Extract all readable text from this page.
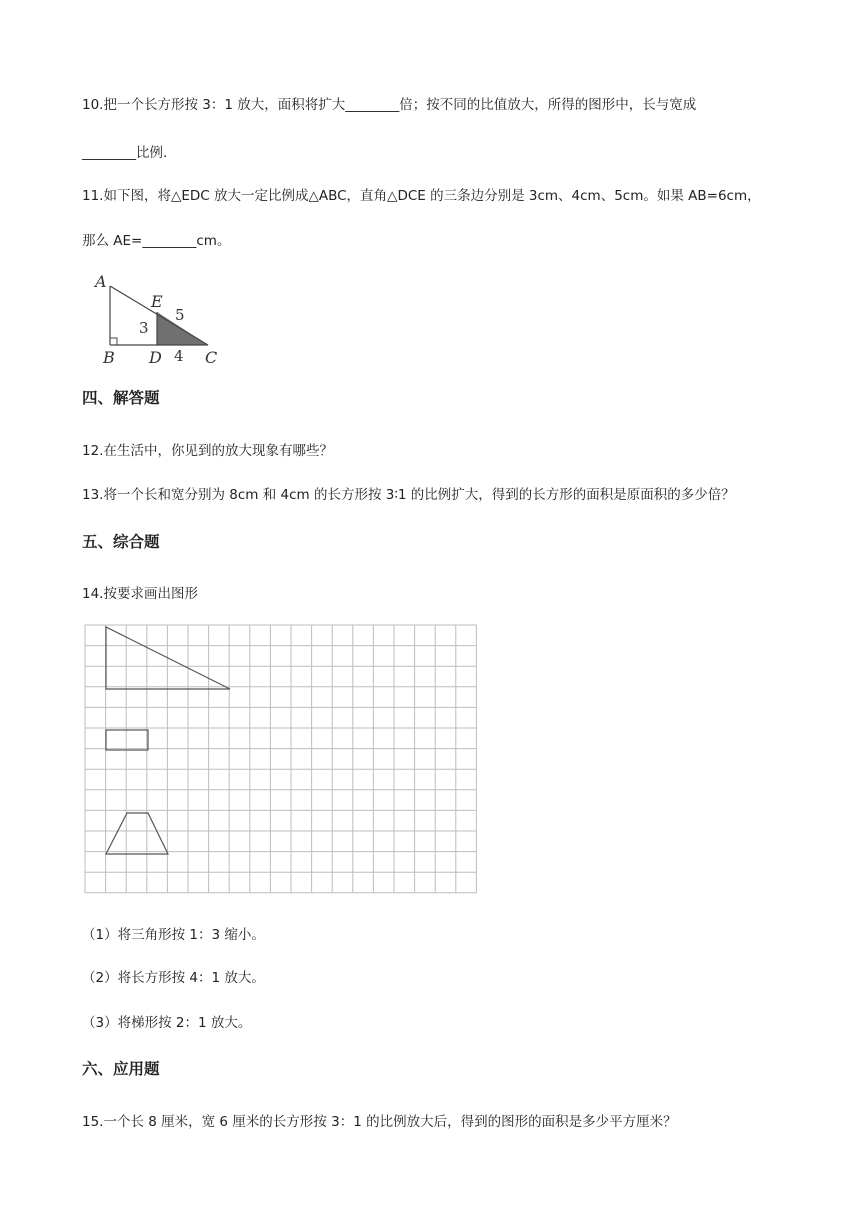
10.把一个长方形按 3：1 放大，面积将扩大________倍；按不同的比值放大，所得的图形中，长与宽成
________比例.
11.如下图，将△EDC 放大一定比例成△ABC，直角△DCE 的三条边分别是 3cm、4cm、5cm。如果 AB=6cm，
那么 AE=________cm。
A
B D	C
E
3
4
5
四、解答题
12.在生活中，你见到的放大现象有哪些？
13.将一个长和宽分别为 8cm 和 4cm 的长方形按 3∶1 的比例扩大，得到的长方形的面积是原面积的多少倍？
五、综合题
14.按要求画出图形
（1）将三角形按 1：3 缩小。
（2）将长方形按 4：1 放大。
（3）将梯形按 2：1 放大。
六、应用题
15.一个长 8 厘米，宽 6 厘米的长方形按 3：1 的比例放大后，得到的图形的面积是多少平方厘米？
